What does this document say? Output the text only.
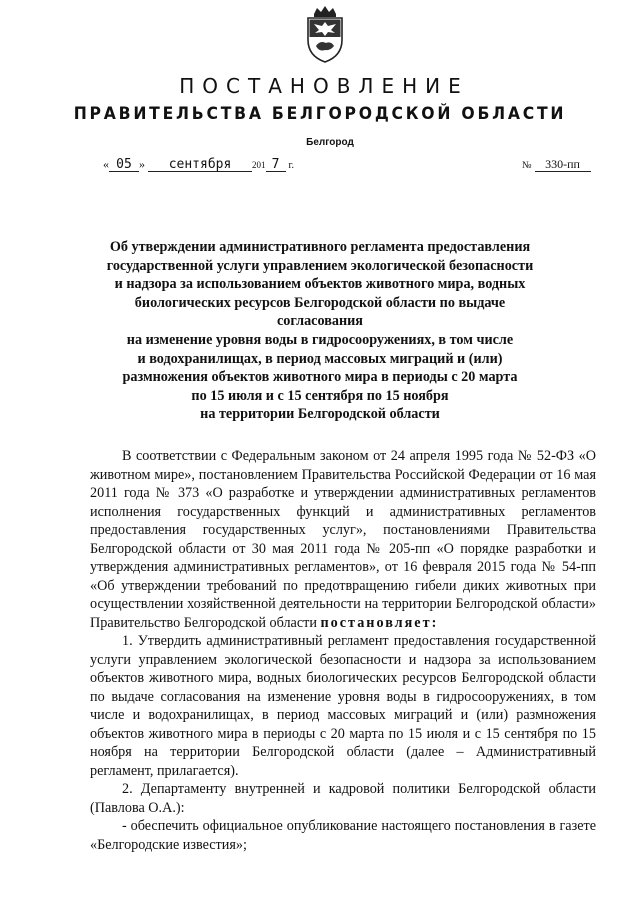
ПОСТАНОВЛЕНИЕ
ПРАВИТЕЛЬСТВА БЕЛГОРОДСКОЙ ОБЛАСТИ
Белгород
« 05 » сентября 201 7 г.	№ 330-пп

Об утверждении административного регламента предоставления
государственной услуги управлением экологической безопасности
и надзора за использованием объектов животного мира, водных
биологических ресурсов Белгородской области по выдаче согласования
на изменение уровня воды в гидросооружениях, в том числе
и водохранилищах, в период массовых миграций и (или)
размножения объектов животного мира в периоды с 20 марта
по 15 июля и с 15 сентября по 15 ноября
на территории Белгородской области

В соответствии с Федеральным законом от 24 апреля 1995 года № 52-ФЗ «О животном мире», постановлением Правительства Российской Федерации от 16 мая 2011 года № 373 «О разработке и утверждении административных регламентов исполнения государственных функций и административных регламентов предоставления государственных услуг», постановлениями Правительства Белгородской области от 30 мая 2011 года № 205-пп «О порядке разработки и утверждения административных регламентов», от 16 февраля 2015 года № 54-пп «Об утверждении требований по предотвращению гибели диких животных при осуществлении хозяйственной деятельности на территории Белгородской области» Правительство Белгородской области постановляет:

1. Утвердить административный регламент предоставления государственной услуги управлением экологической безопасности и надзора за использованием объектов животного мира, водных биологических ресурсов Белгородской области по выдаче согласования на изменение уровня воды в гидросооружениях, в том числе и водохранилищах, в период массовых миграций и (или) размножения объектов животного мира в периоды с 20 марта по 15 июля и с 15 сентября по 15 ноября на территории Белгородской области (далее – Административный регламент, прилагается).

2. Департаменту внутренней и кадровой политики Белгородской области (Павлова О.А.):

- обеспечить официальное опубликование настоящего постановления в газете «Белгородские известия»;
